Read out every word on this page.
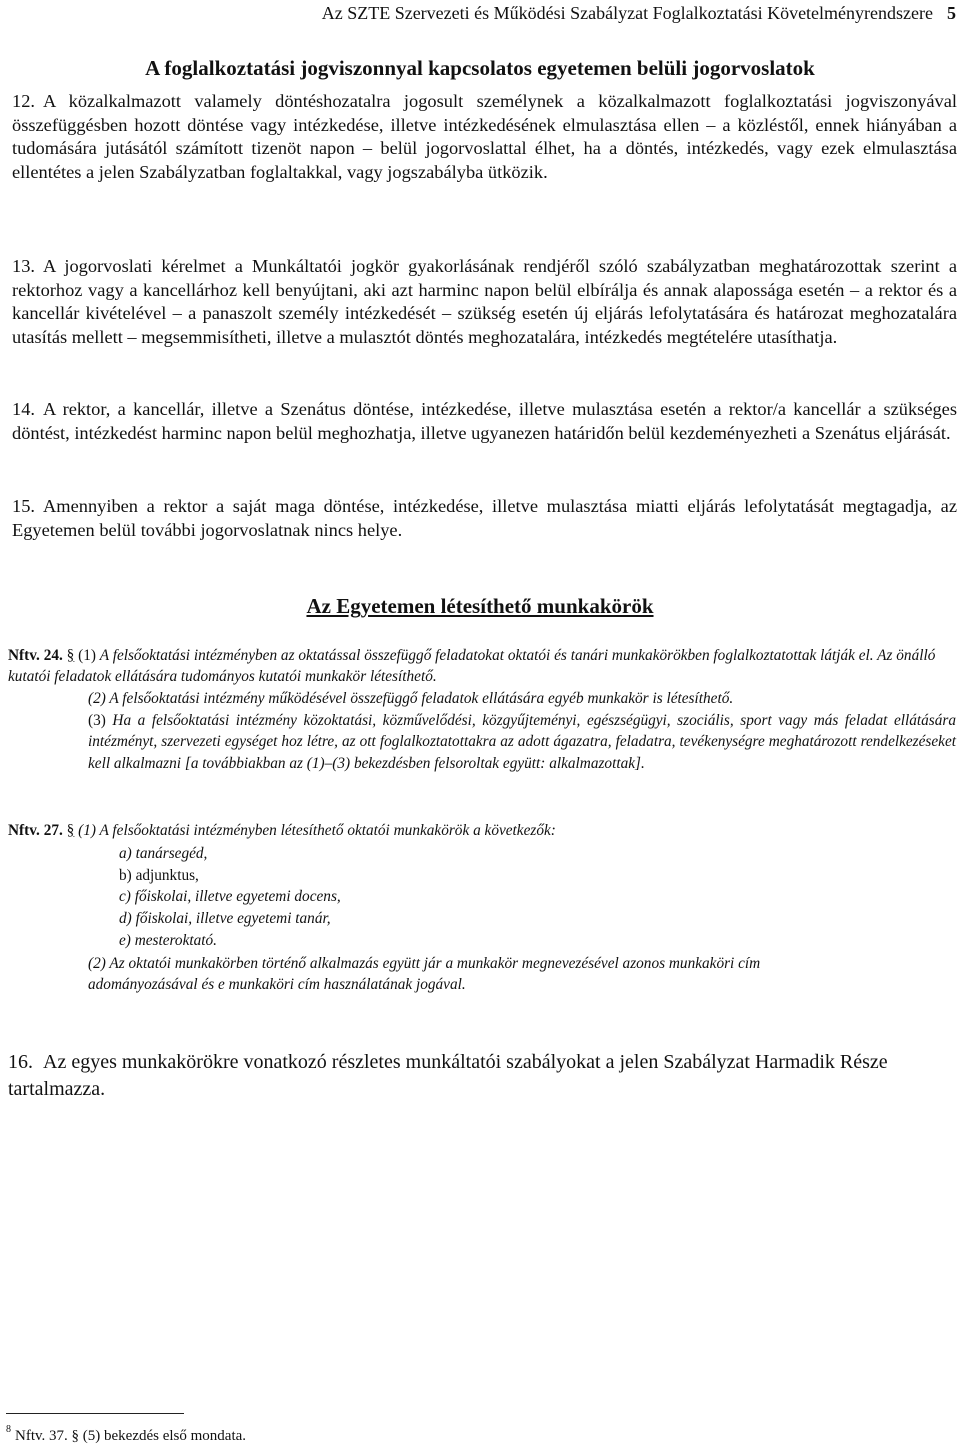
Az SZTE Szervezeti és Működési Szabályzat Foglalkoztatási Követelményrendszere 5
A foglalkoztatási jogviszonnyal kapcsolatos egyetemen belüli jogorvoslatok
12. A közalkalmazott valamely döntéshozatalra jogosult személynek a közalkalmazott foglalkoztatási jogviszonyával összefüggésben hozott döntése vagy intézkedése, illetve intézkedésének elmulasztása ellen – a közléstől, ennek hiányában a tudomására jutásától számított tizenöt napon – belül jogorvoslattal élhet, ha a döntés, intézkedés, vagy ezek elmulasztása ellentétes a jelen Szabályzatban foglaltakkal, vagy jogszabályba ütközik.
13. A jogorvoslati kérelmet a Munkáltatói jogkör gyakorlásának rendjéről szóló szabályzatban meghatározottak szerint a rektorhoz vagy a kancellárhoz kell benyújtani, aki azt harminc napon belül elbírálja és annak alapossága esetén – a rektor és a kancellár kivételével – a panaszolt személy intézkedését – szükség esetén új eljárás lefolytatására és határozat meghozatalára utasítás mellett – megsemmisítheti, illetve a mulasztót döntés meghozatalára, intézkedés megtételére utasíthatja.
14. A rektor, a kancellár, illetve a Szenátus döntése, intézkedése, illetve mulasztása esetén a rektor/a kancellár a szükséges döntést, intézkedést harminc napon belül meghozhatja, illetve ugyanezen határidőn belül kezdeményezheti a Szenátus eljárását.
15. Amennyiben a rektor a saját maga döntése, intézkedése, illetve mulasztása miatti eljárás lefolytatását megtagadja, az Egyetemen belül további jogorvoslatnak nincs helye.
Az Egyetemen létesíthető munkakörök
Nftv. 24. § (1) A felsőoktatási intézményben az oktatással összefüggő feladatokat oktatói és tanári munkakörökben foglalkoztatottak látják el. Az önálló kutatói feladatok ellátására tudományos kutatói munkakör létesíthető.
(2) A felsőoktatási intézmény működésével összefüggő feladatok ellátására egyéb munkakör is létesíthető.
(3) Ha a felsőoktatási intézmény közoktatási, közművelődési, közgyűjteményi, egészségügyi, szociális, sport vagy más feladat ellátására intézményt, szervezeti egységet hoz létre, az ott foglalkoztatottakra az adott ágazatra, feladatra, tevékenységre meghatározott rendelkezéseket kell alkalmazni [a továbbiakban az (1)–(3) bekezdésben felsoroltak együtt: alkalmazottak].
Nftv. 27. § (1) A felsőoktatási intézményben létesíthető oktatói munkakörök a következők:
a) tanársegéd,
b) adjunktus,
c) főiskolai, illetve egyetemi docens,
d) főiskolai, illetve egyetemi tanár,
e) mesteroktató.
(2) Az oktatói munkakörben történő alkalmazás együtt jár a munkakör megnevezésével azonos munkaköri cím
adományozásával és e munkaköri cím használatának jogával.
16. Az egyes munkakörökre vonatkozó részletes munkáltatói szabályokat a jelen Szabályzat Harmadik Része tartalmazza.
$^8$ Nftv. 37. § (5) bekezdés első mondata.
